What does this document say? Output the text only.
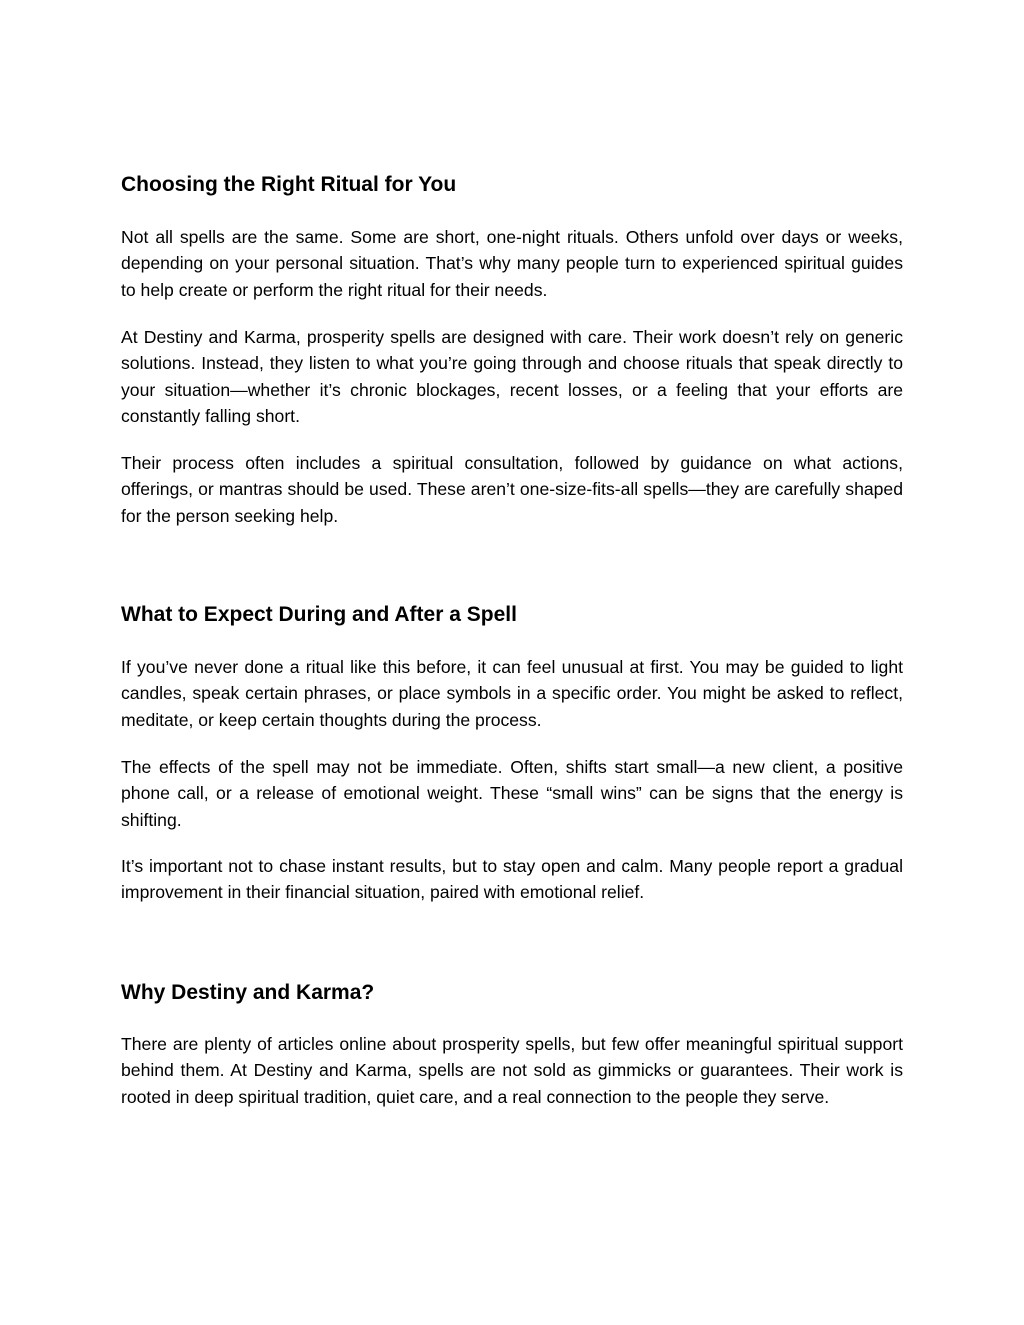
Choosing the Right Ritual for You

Not all spells are the same. Some are short, one-night rituals. Others unfold over days or weeks, depending on your personal situation. That’s why many people turn to experienced spiritual guides to help create or perform the right ritual for their needs.

At Destiny and Karma, prosperity spells are designed with care. Their work doesn’t rely on generic solutions. Instead, they listen to what you’re going through and choose rituals that speak directly to your situation—whether it’s chronic blockages, recent losses, or a feeling that your efforts are constantly falling short.

Their process often includes a spiritual consultation, followed by guidance on what actions, offerings, or mantras should be used. These aren’t one-size-fits-all spells—they are carefully shaped for the person seeking help.

What to Expect During and After a Spell

If you’ve never done a ritual like this before, it can feel unusual at first. You may be guided to light candles, speak certain phrases, or place symbols in a specific order. You might be asked to reflect, meditate, or keep certain thoughts during the process.

The effects of the spell may not be immediate. Often, shifts start small—a new client, a positive phone call, or a release of emotional weight. These “small wins” can be signs that the energy is shifting.

It’s important not to chase instant results, but to stay open and calm. Many people report a gradual improvement in their financial situation, paired with emotional relief.

Why Destiny and Karma?

There are plenty of articles online about prosperity spells, but few offer meaningful spiritual support behind them. At Destiny and Karma, spells are not sold as gimmicks or guarantees. Their work is rooted in deep spiritual tradition, quiet care, and a real connection to the people they serve.
